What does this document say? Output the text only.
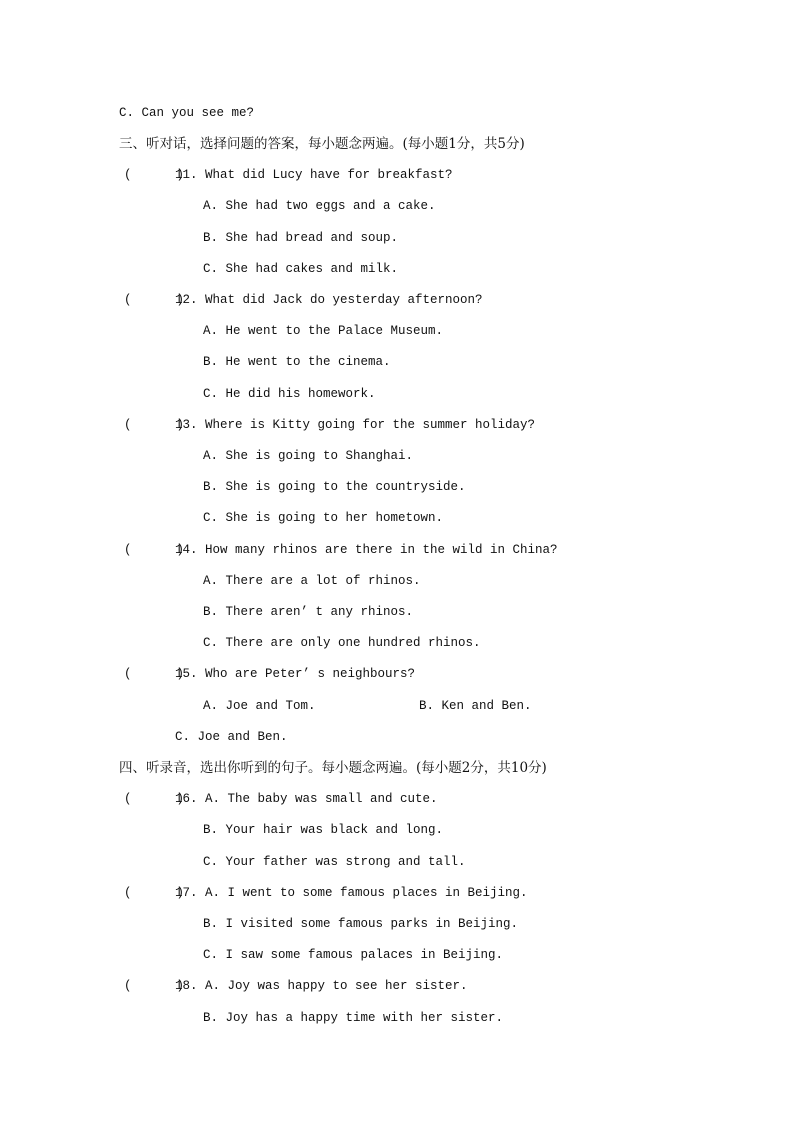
C. Can you see me?
三、听对话，选择问题的答案，每小题念两遍。(每小题1分，共5分)
(      )
11. What did Lucy have for breakfast?
A. She had two eggs and a cake.
B. She had bread and soup.
C. She had cakes and milk.
(      )
12. What did Jack do yesterday afternoon?
A. He went to the Palace Museum.
B. He went to the cinema.
C. He did his homework.
(      )
13. Where is Kitty going for the summer holiday?
A. She is going to Shanghai.
B. She is going to the countryside.
C. She is going to her hometown.
(      )
14. How many rhinos are there in the wild in China?
A. There are a lot of rhinos.
B. There aren’ t any rhinos.
C. There are only one hundred rhinos.
(      )
15. Who are Peter’ s neighbours?
A. Joe and Tom.	B. Ken and Ben.
C. Joe and Ben.
四、听录音，选出你听到的句子。每小题念两遍。(每小题2分，共10分)
(      )
16. A. The baby was small and cute.
B. Your hair was black and long.
C. Your father was strong and tall.
(      )
17. A. I went to some famous places in Beijing.
B. I visited some famous parks in Beijing.
C. I saw some famous palaces in Beijing.
(      )
18. A. Joy was happy to see her sister.
B. Joy has a happy time with her sister.
